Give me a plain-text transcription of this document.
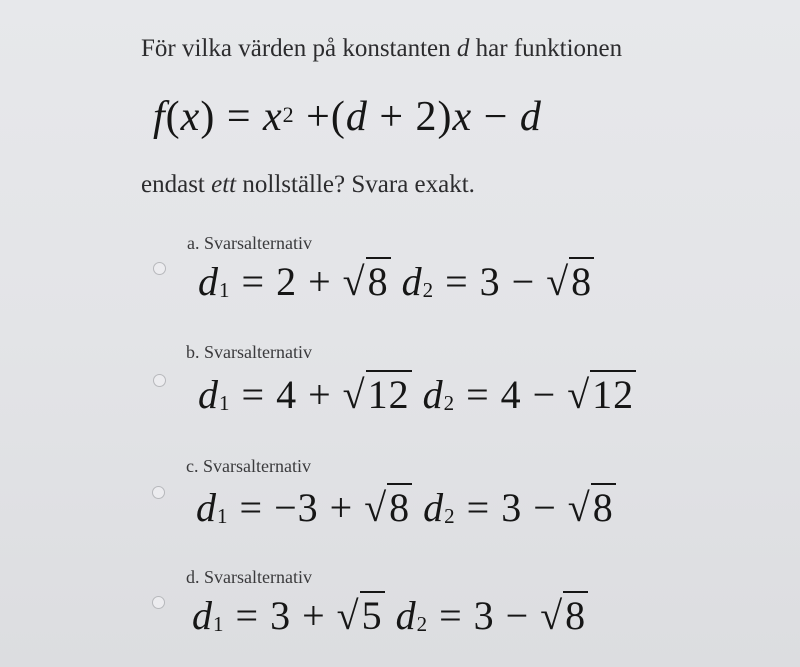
För vilka värden på konstanten d har funktionen
$f(x) = x^2 +(d + 2)x - d$
endast ett nollställe? Svara exakt.
a. Svarsalternativ
$d_1 = 2 + √8$ $d_2 = 3 - √8$
b. Svarsalternativ
$d_1 = 4 + √12$ $d_2 = 4 - √12$
c. Svarsalternativ
$d_1 = -3 + √8$ $d_2 = 3 - √8$
d. Svarsalternativ
$d_1 = 3 + √5$ $d_2 = 3 - √8$
